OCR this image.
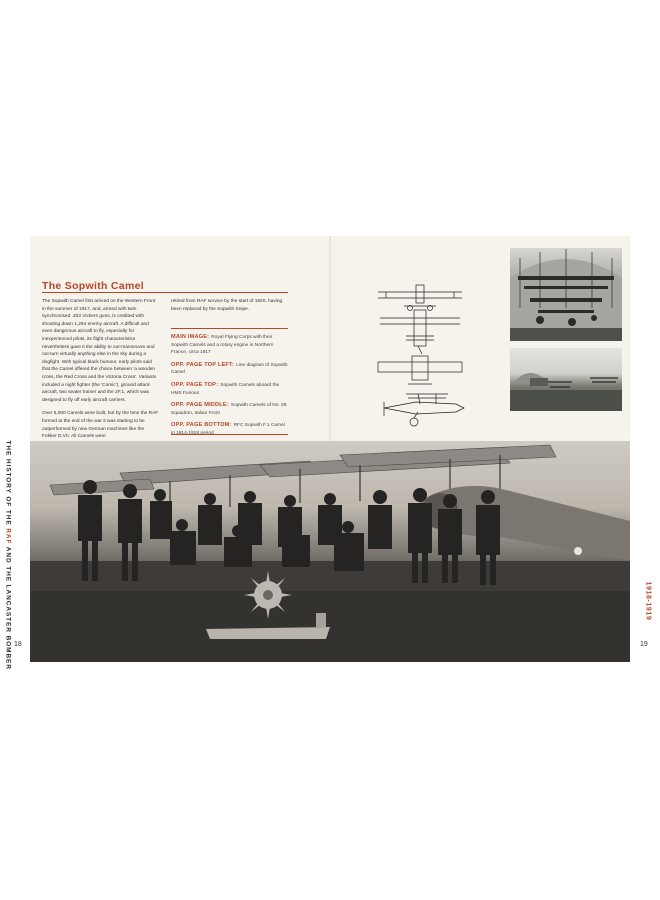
The Sopwith Camel

The Sopwith Camel first arrived on the Western Front in the summer of 1917, and, armed with twin synchronised .303 Vickers guns, is credited with shooting down 1,294 enemy aircraft. A difficult and even dangerous aircraft to fly, especially for inexperienced pilots, its flight characteristics nevertheless gave it the ability to out-manoeuvre and out-turn virtually anything else in the sky during a dogfight. With typical black humour, early pilots said that the Camel offered the choice between 'a wooden cross, the Red Cross and the Victoria Cross'. Variants included a night fighter (the 'Comic'), ground attack aircraft, two seater trainer and the 2F.1, which was designed to fly off early aircraft carriers.

Over 5,000 Camels were built, but by the time the RAF formed at the end of the war it was starting to be outperformed by new German machines like the Fokker D.VII. All Camels were

retired from RAF service by the start of 1920, having been replaced by the Sopwith Snipe.

MAIN IMAGE: Royal Flying Corps with their Sopwith Camels and a rotary engine in Northern France, circa 1917
OPP. PAGE TOP LEFT: Line diagram of Sopwith Camel
OPP. PAGE TOP: Sopwith Camels aboard the HMS Furious
OPP. PAGE MIDDLE: Sopwith Camels of No. 28 Squadron, Italian Front
OPP. PAGE BOTTOM: RFC Sopwith F.1 Camel
THE HISTORY OF THE RAF AND THE LANCASTER BOMBER	1918-1919
18	19
